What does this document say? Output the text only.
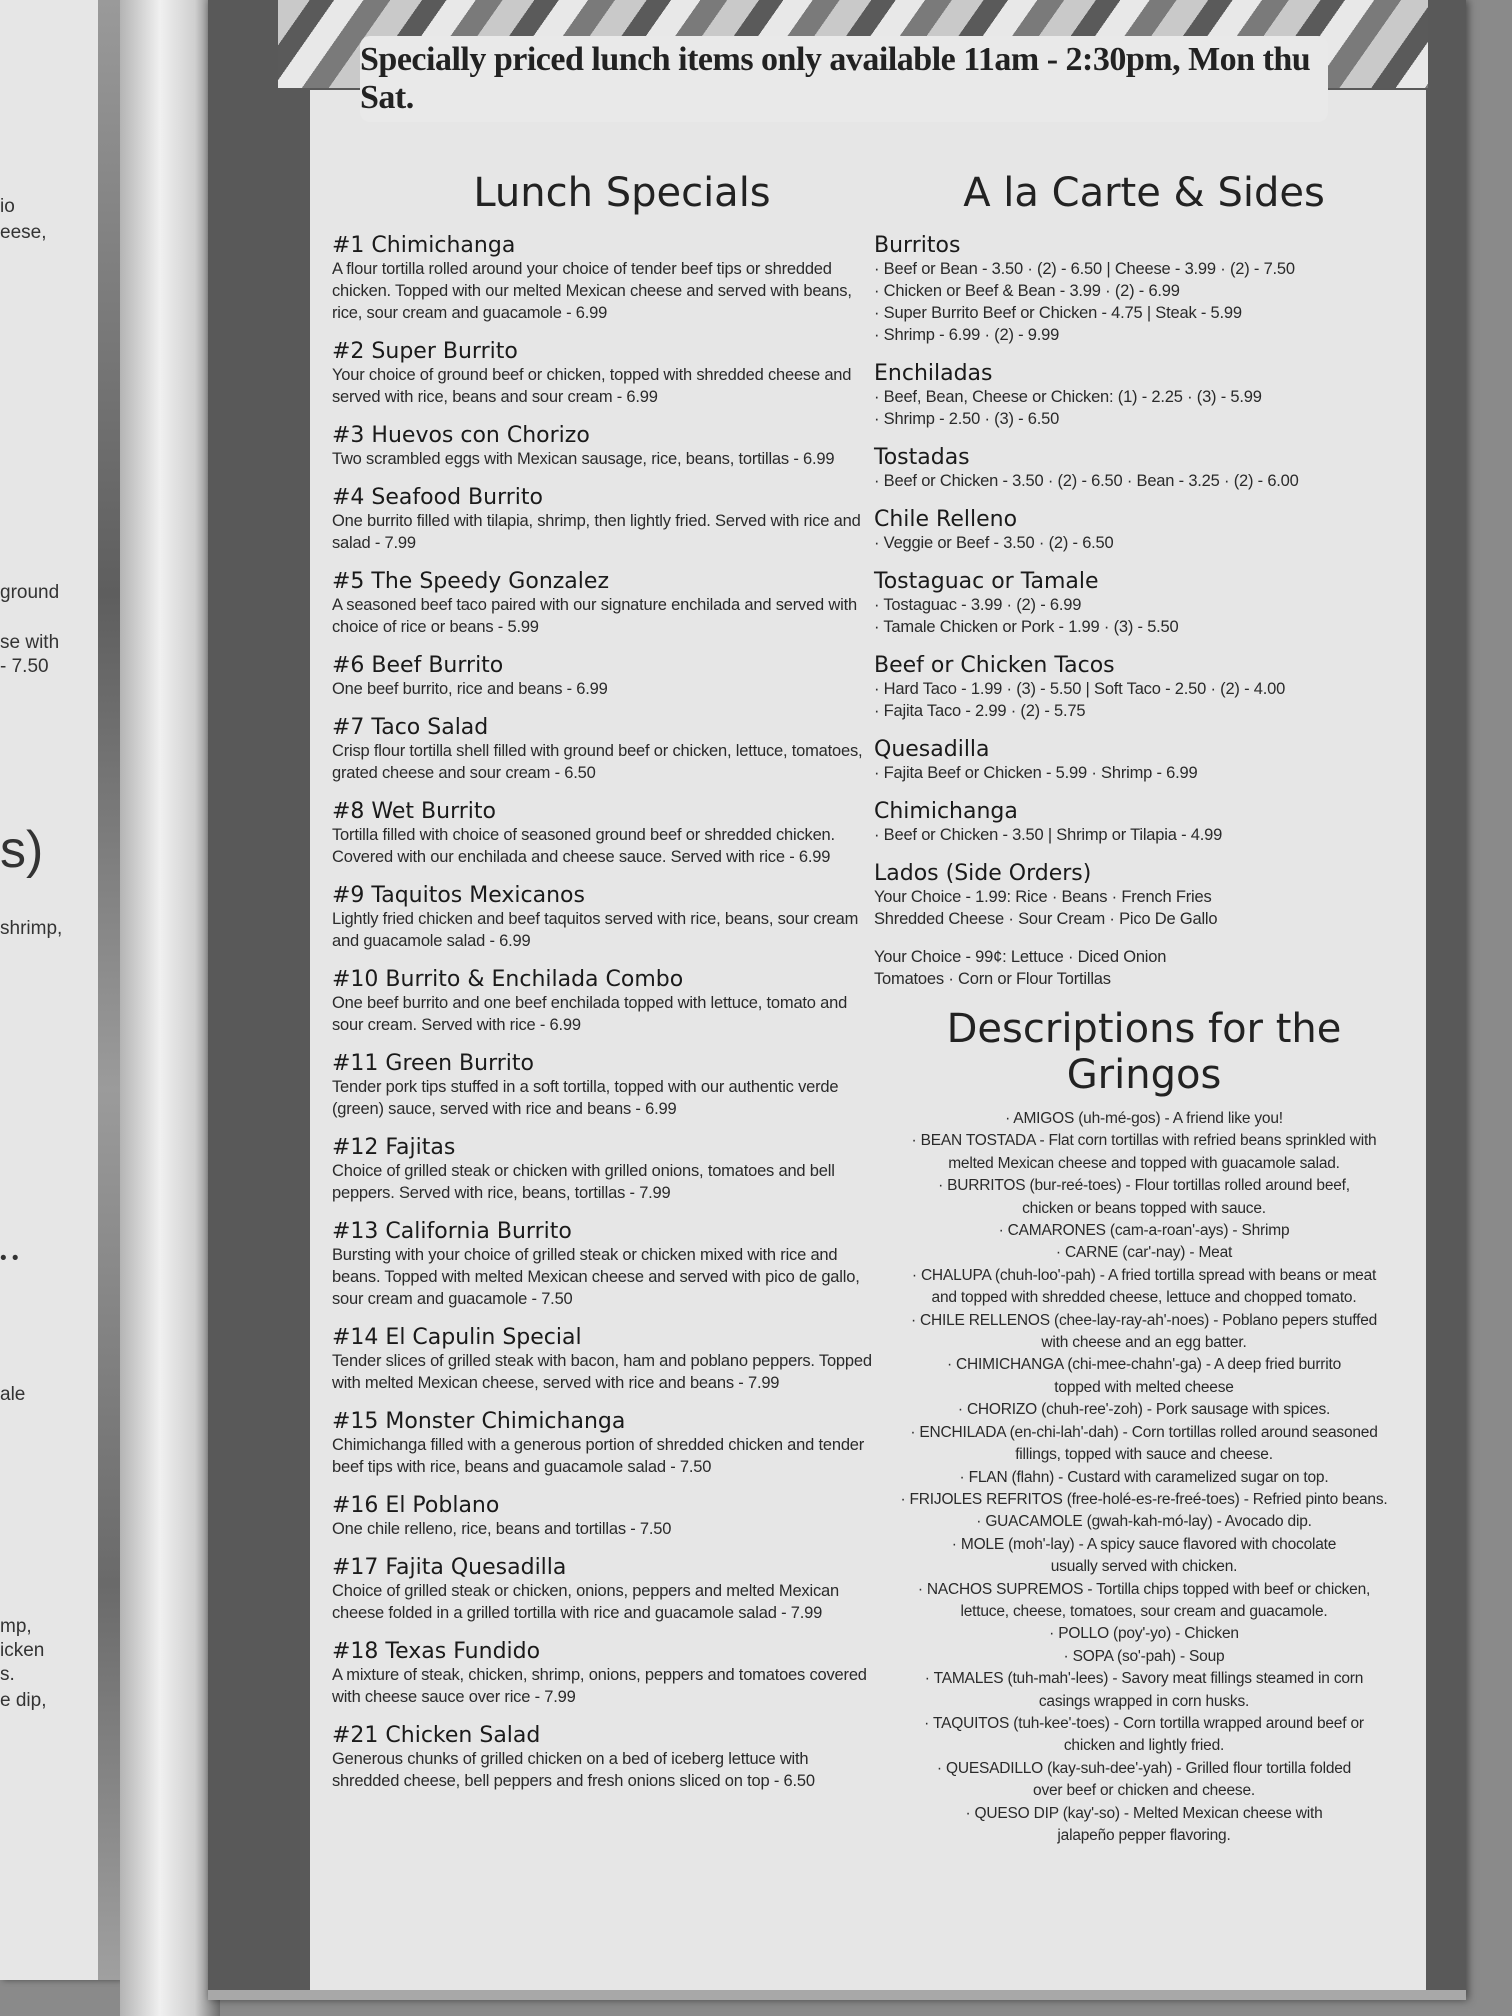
io
eese,
ground
se with
- 7.50
s)
shrimp,
• •
ale
mp,
icken
s.
e dip,
Lunch Specials
#1 Chimichanga
A flour tortilla rolled around your choice of tender beef tips or shredded chicken. Topped with our melted Mexican cheese and served with beans, rice, sour cream and guacamole - 6.99
#2 Super Burrito
Your choice of ground beef or chicken, topped with shredded cheese and served with rice, beans and sour cream - 6.99
#3 Huevos con Chorizo
Two scrambled eggs with Mexican sausage, rice, beans, tortillas - 6.99
#4 Seafood Burrito
One burrito filled with tilapia, shrimp, then lightly fried. Served with rice and salad - 7.99
#5 The Speedy Gonzalez
A seasoned beef taco paired with our signature enchilada and served with choice of rice or beans - 5.99
#6 Beef Burrito
One beef burrito, rice and beans - 6.99
#7 Taco Salad
Crisp flour tortilla shell filled with ground beef or chicken, lettuce, tomatoes, grated cheese and sour cream - 6.50
#8 Wet Burrito
Tortilla filled with choice of seasoned ground beef or shredded chicken. Covered with our enchilada and cheese sauce. Served with rice - 6.99
#9 Taquitos Mexicanos
Lightly fried chicken and beef taquitos served with rice, beans, sour cream and guacamole salad - 6.99
#10 Burrito & Enchilada Combo
One beef burrito and one beef enchilada topped with lettuce, tomato and sour cream. Served with rice - 6.99
#11 Green Burrito
Tender pork tips stuffed in a soft tortilla, topped with our authentic verde (green) sauce, served with rice and beans - 6.99
#12 Fajitas
Choice of grilled steak or chicken with grilled onions, tomatoes and bell peppers. Served with rice, beans, tortillas - 7.99
#13 California Burrito
Bursting with your choice of grilled steak or chicken mixed with rice and beans. Topped with melted Mexican cheese and served with pico de gallo, sour cream and guacamole - 7.50
#14 El Capulin Special
Tender slices of grilled steak with bacon, ham and poblano peppers. Topped with melted Mexican cheese, served with rice and beans - 7.99
#15 Monster Chimichanga
Chimichanga filled with a generous portion of shredded chicken and tender beef tips with rice, beans and guacamole salad - 7.50
#16 El Poblano
One chile relleno, rice, beans and tortillas - 7.50
#17 Fajita Quesadilla
Choice of grilled steak or chicken, onions, peppers and melted Mexican cheese folded in a grilled tortilla with rice and guacamole salad - 7.99
#18 Texas Fundido
A mixture of steak, chicken, shrimp, onions, peppers and tomatoes covered with cheese sauce over rice - 7.99
#21 Chicken Salad
Generous chunks of grilled chicken on a bed of iceberg lettuce with shredded cheese, bell peppers and fresh onions sliced on top - 6.50
A la Carte & Sides
Burritos
· Beef or Bean - 3.50 · (2) - 6.50 | Cheese - 3.99 · (2) - 7.50
· Chicken or Beef & Bean - 3.99 · (2) - 6.99
· Super Burrito Beef or Chicken - 4.75 | Steak - 5.99
· Shrimp - 6.99 · (2) - 9.99
Enchiladas
· Beef, Bean, Cheese or Chicken: (1) - 2.25 · (3) - 5.99
· Shrimp - 2.50 · (3) - 6.50
Tostadas
· Beef or Chicken - 3.50 · (2) - 6.50 · Bean - 3.25 · (2) - 6.00
Chile Relleno
· Veggie or Beef - 3.50 · (2) - 6.50
Tostaguac or Tamale
· Tostaguac - 3.99 · (2) - 6.99
· Tamale Chicken or Pork - 1.99 · (3) - 5.50
Beef or Chicken Tacos
· Hard Taco - 1.99 · (3) - 5.50 | Soft Taco - 2.50 · (2) - 4.00
· Fajita Taco - 2.99 · (2) - 5.75
Quesadilla
· Fajita Beef or Chicken - 5.99 · Shrimp - 6.99
Chimichanga
· Beef or Chicken - 3.50 | Shrimp or Tilapia - 4.99
Lados (Side Orders)
Your Choice - 1.99: Rice · Beans · French Fries
Shredded Cheese · Sour Cream · Pico De Gallo
Your Choice - 99¢: Lettuce · Diced Onion
Tomatoes · Corn or Flour Tortillas
Descriptions for the
Gringos
· AMIGOS (uh-mé-gos) - A friend like you!
· BEAN TOSTADA - Flat corn tortillas with refried beans sprinkled with
melted Mexican cheese and topped with guacamole salad.
· BURRITOS (bur-reé-toes) - Flour tortillas rolled around beef,
chicken or beans topped with sauce.
· CAMARONES (cam-a-roan'-ays) - Shrimp
· CARNE (car'-nay) - Meat
· CHALUPA (chuh-loo'-pah) - A fried tortilla spread with beans or meat
and topped with shredded cheese, lettuce and chopped tomato.
· CHILE RELLENOS (chee-lay-ray-ah'-noes) - Poblano pepers stuffed
with cheese and an egg batter.
· CHIMICHANGA (chi-mee-chahn'-ga) - A deep fried burrito
topped with melted cheese
· CHORIZO (chuh-ree'-zoh) - Pork sausage with spices.
· ENCHILADA (en-chi-lah'-dah) - Corn tortillas rolled around seasoned
fillings, topped with sauce and cheese.
· FLAN (flahn) - Custard with caramelized sugar on top.
· FRIJOLES REFRITOS (free-holé-es-re-freé-toes) - Refried pinto beans.
· GUACAMOLE (gwah-kah-mó-lay) - Avocado dip.
· MOLE (moh'-lay) - A spicy sauce flavored with chocolate
usually served with chicken.
· NACHOS SUPREMOS - Tortilla chips topped with beef or chicken,
lettuce, cheese, tomatoes, sour cream and guacamole.
· POLLO (poy'-yo) - Chicken
· SOPA (so'-pah) - Soup
· TAMALES (tuh-mah'-lees) - Savory meat fillings steamed in corn
casings wrapped in corn husks.
· TAQUITOS (tuh-kee'-toes) - Corn tortilla wrapped around beef or
chicken and lightly fried.
· QUESADILLO (kay-suh-dee'-yah) - Grilled flour tortilla folded
over beef or chicken and cheese.
· QUESO DIP (kay'-so) - Melted Mexican cheese with
jalapeño pepper flavoring.
Specially priced lunch items only available 11am - 2:30pm, Mon thu Sat.
